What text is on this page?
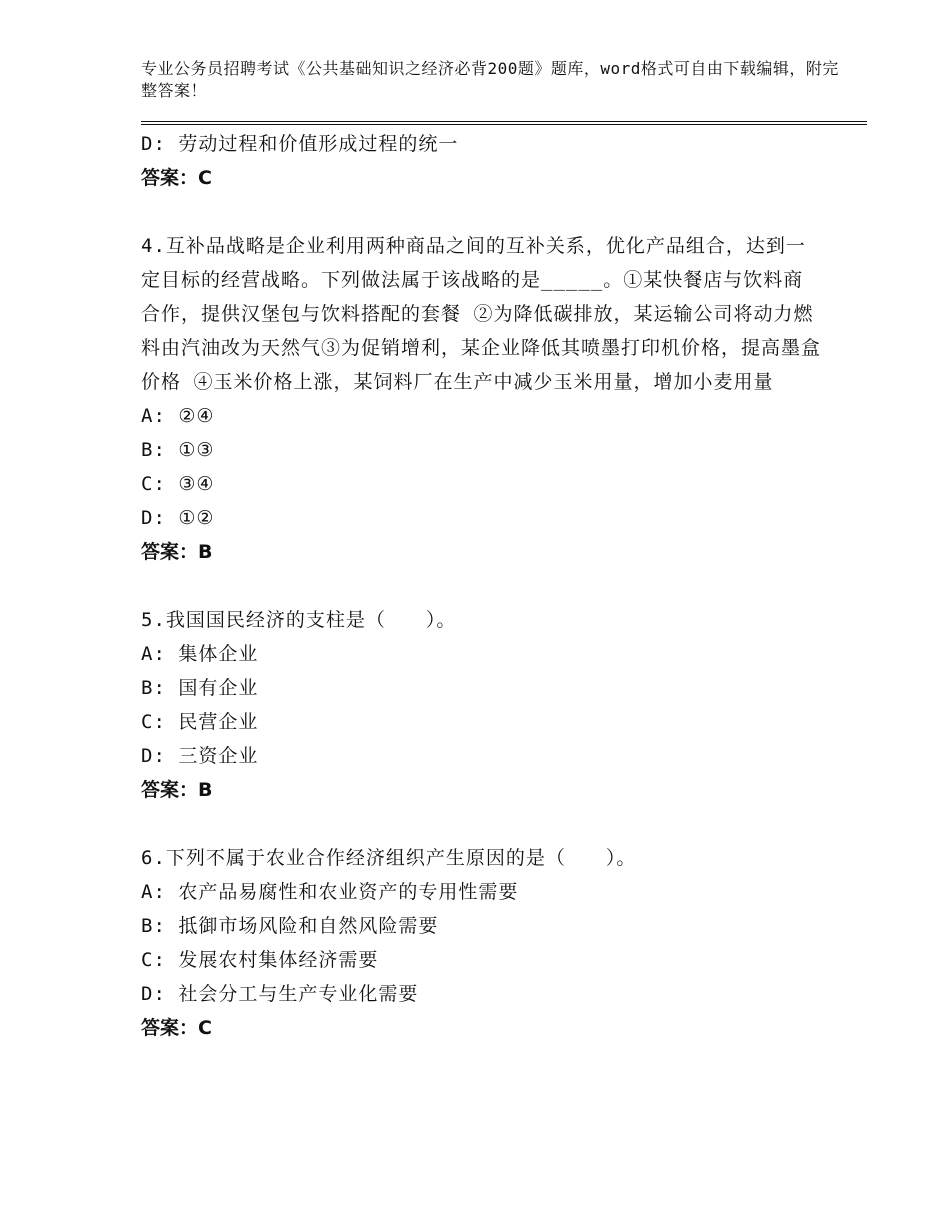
专业公务员招聘考试《公共基础知识之经济必背200题》题库，word格式可自由下载编辑，附完整答案！
D: 劳动过程和价值形成过程的统一
答案：C
4.互补品战略是企业利用两种商品之间的互补关系，优化产品组合，达到一定目标的经营战略。下列做法属于该战略的是_____。①某快餐店与饮料商合作，提供汉堡包与饮料搭配的套餐 ②为降低碳排放，某运输公司将动力燃料由汽油改为天然气③为促销增利，某企业降低其喷墨打印机价格，提高墨盒价格 ④玉米价格上涨，某饲料厂在生产中减少玉米用量，增加小麦用量
A: ②④
B: ①③
C: ③④
D: ①②
答案：B
5.我国国民经济的支柱是（　　）。
A: 集体企业
B: 国有企业
C: 民营企业
D: 三资企业
答案：B
6.下列不属于农业合作经济组织产生原因的是（　　）。
A: 农产品易腐性和农业资产的专用性需要
B: 抵御市场风险和自然风险需要
C: 发展农村集体经济需要
D: 社会分工与生产专业化需要
答案：C
